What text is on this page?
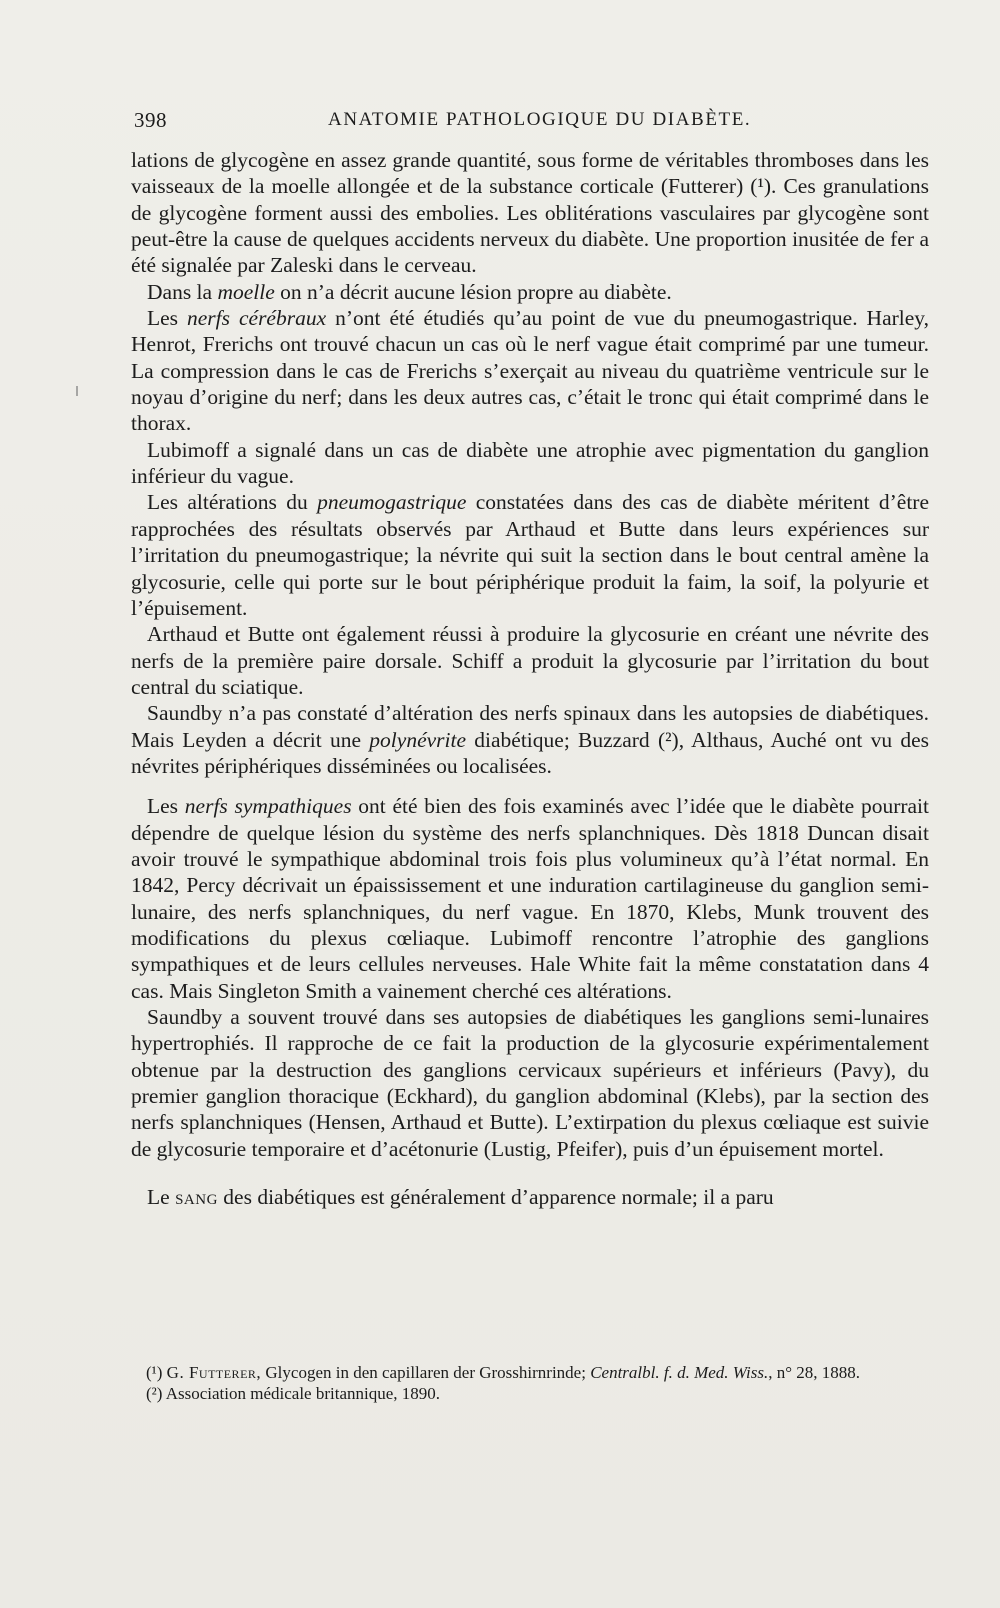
398	ANATOMIE PATHOLOGIQUE DU DIABÈTE.

lations de glycogène en assez grande quantité, sous forme de véritables thromboses dans les vaisseaux de la moelle allongée et de la substance corticale (Futterer) (¹). Ces granulations de glycogène forment aussi des embolies. Les oblitérations vasculaires par glycogène sont peut-être la cause de quelques accidents nerveux du diabète. Une proportion inusitée de fer a été signalée par Zaleski dans le cerveau.

Dans la moelle on n’a décrit aucune lésion propre au diabète.

Les nerfs cérébraux n’ont été étudiés qu’au point de vue du pneumogastrique. Harley, Henrot, Frerichs ont trouvé chacun un cas où le nerf vague était comprimé par une tumeur. La compression dans le cas de Frerichs s’exerçait au niveau du quatrième ventricule sur le noyau d’origine du nerf; dans les deux autres cas, c’était le tronc qui était comprimé dans le thorax.

Lubimoff a signalé dans un cas de diabète une atrophie avec pigmentation du ganglion inférieur du vague.

Les altérations du pneumogastrique constatées dans des cas de diabète méritent d’être rapprochées des résultats observés par Arthaud et Butte dans leurs expériences sur l’irritation du pneumogastrique; la névrite qui suit la section dans le bout central amène la glycosurie, celle qui porte sur le bout périphérique produit la faim, la soif, la polyurie et l’épuisement.

Arthaud et Butte ont également réussi à produire la glycosurie en créant une névrite des nerfs de la première paire dorsale. Schiff a produit la glycosurie par l’irritation du bout central du sciatique.

Saundby n’a pas constaté d’altération des nerfs spinaux dans les autopsies de diabétiques. Mais Leyden a décrit une polynévrite diabétique; Buzzard (²), Althaus, Auché ont vu des névrites périphériques disséminées ou localisées.

Les nerfs sympathiques ont été bien des fois examinés avec l’idée que le diabète pourrait dépendre de quelque lésion du système des nerfs splanchniques. Dès 1818 Duncan disait avoir trouvé le sympathique abdominal trois fois plus volumineux qu’à l’état normal. En 1842, Percy décrivait un épaississement et une induration cartilagineuse du ganglion semi-lunaire, des nerfs splanchniques, du nerf vague. En 1870, Klebs, Munk trouvent des modifications du plexus cœliaque. Lubimoff rencontre l’atrophie des ganglions sympathiques et de leurs cellules nerveuses. Hale White fait la même constatation dans 4 cas. Mais Singleton Smith a vainement cherché ces altérations.

Saundby a souvent trouvé dans ses autopsies de diabétiques les ganglions semi-lunaires hypertrophiés. Il rapproche de ce fait la production de la glycosurie expérimentalement obtenue par la destruction des ganglions cervicaux supérieurs et inférieurs (Pavy), du premier ganglion thoracique (Eckhard), du ganglion abdominal (Klebs), par la section des nerfs splanchniques (Hensen, Arthaud et Butte). L’extirpation du plexus cœliaque est suivie de glycosurie temporaire et d’acétonurie (Lustig, Pfeifer), puis d’un épuisement mortel.

Le sang des diabétiques est généralement d’apparence normale; il a paru

(¹) G. Futterer, Glycogen in den capillaren der Grosshirnrinde; Centralbl. f. d. Med. Wiss., n° 28, 1888.

(²) Association médicale britannique, 1890.
